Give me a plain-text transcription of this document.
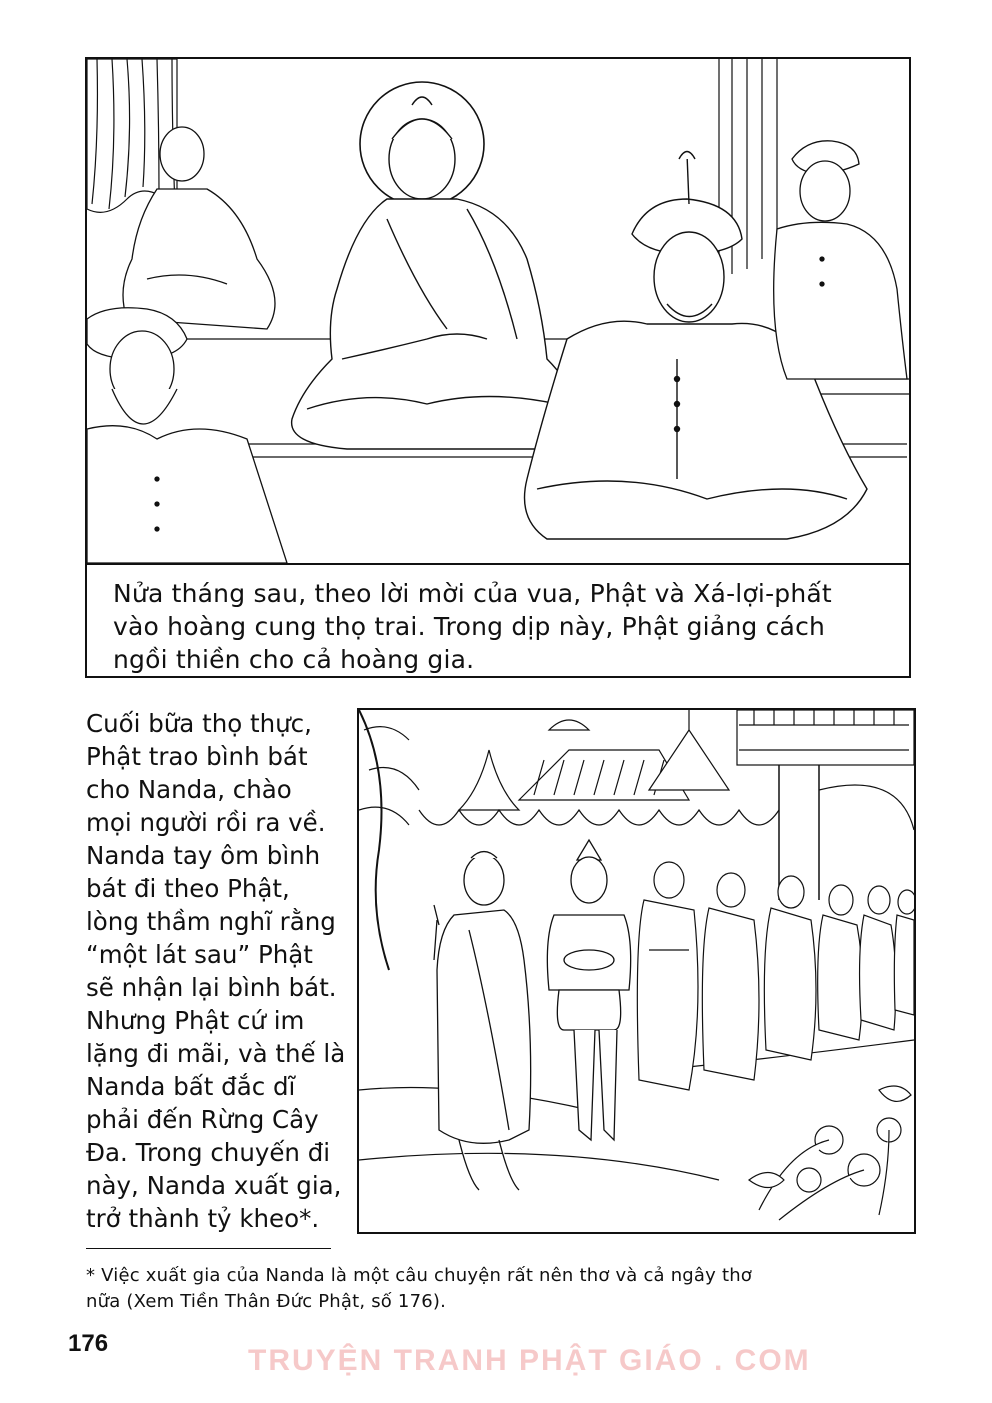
Nửa tháng sau, theo lời mời của vua, Phật và Xá-lợi-phất
vào hoàng cung thọ trai. Trong dịp này, Phật giảng cách
ngồi thiền cho cả hoàng gia.
Cuối bữa thọ thực,
Phật trao bình bát
cho Nanda, chào
mọi người rồi ra về.
Nanda tay ôm bình
bát đi theo Phật,
lòng thầm nghĩ rằng
“một lát sau” Phật
sẽ nhận lại bình bát.
Nhưng Phật cứ im
lặng đi mãi, và thế là
Nanda bất đắc dĩ
phải đến Rừng Cây
Đa. Trong chuyến đi
này, Nanda xuất gia,
trở thành tỷ kheo*.
* Việc xuất gia của Nanda là một câu chuyện rất nên thơ và cả ngây thơ
nữa (Xem Tiền Thân Đức Phật, số 176).
176
TRUYỆN TRANH PHẬT GIÁO . COM
